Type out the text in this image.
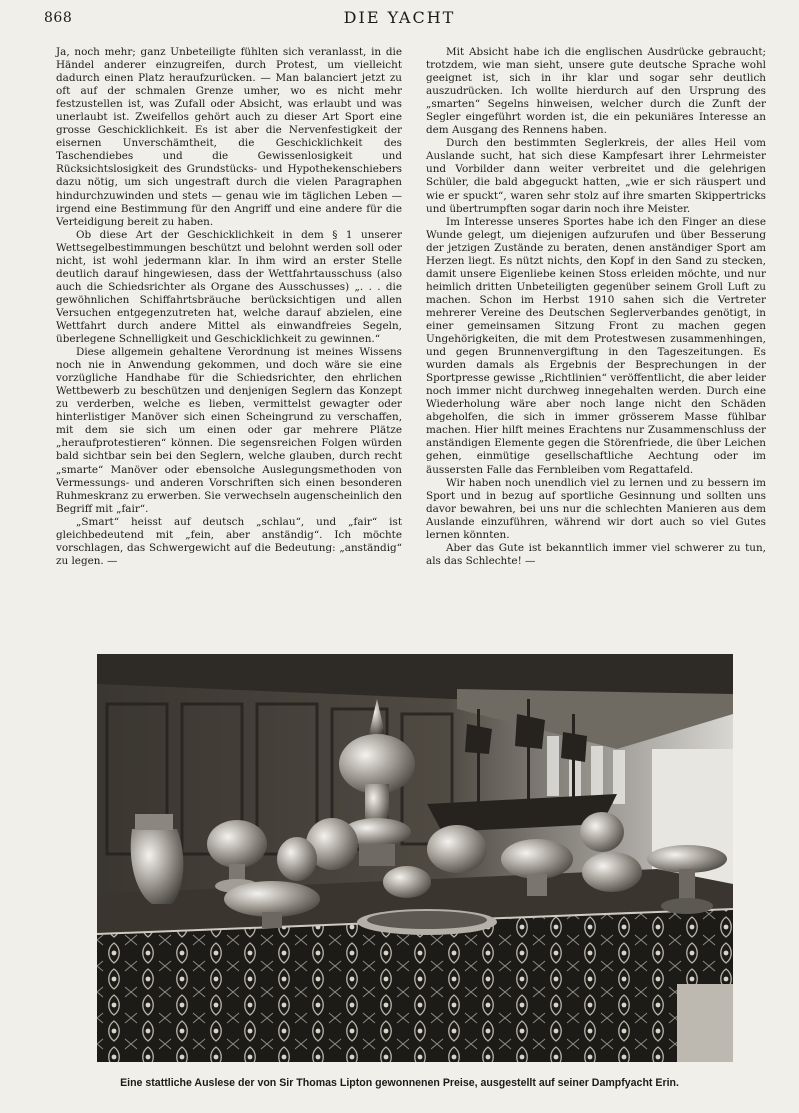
868	DIE YACHT

Ja, noch mehr; ganz Unbeteiligte fühlten sich veranlasst, in die Händel anderer einzugreifen, durch Protest, um vielleicht dadurch einen Platz heraufzurücken. — Man balanciert jetzt zu oft auf der schmalen Grenze umher, wo es nicht mehr festzustellen ist, was Zufall oder Absicht, was erlaubt und was unerlaubt ist. Zweifellos gehört auch zu dieser Art Sport eine grosse Geschicklichkeit. Es ist aber die Nervenfestigkeit der eisernen Unverschämtheit, die Geschicklichkeit des Taschendiebes und die Gewissenlosigkeit und Rücksichtslosigkeit des Grundstücks- und Hypothekenschiebers dazu nötig, um sich ungestraft durch die vielen Paragraphen hindurchzuwinden und stets — genau wie im täglichen Leben — irgend eine Bestimmung für den Angriff und eine andere für die Verteidigung bereit zu haben.

Ob diese Art der Geschicklichkeit in dem § 1 unserer Wettsegelbestimmungen beschützt und belohnt werden soll oder nicht, ist wohl jedermann klar. In ihm wird an erster Stelle deutlich darauf hingewiesen, dass der Wettfahrtausschuss (also auch die Schiedsrichter als Organe des Ausschusses) „. . . die gewöhnlichen Schiffahrtsbräuche berücksichtigen und allen Versuchen entgegenzutreten hat, welche darauf abzielen, eine Wettfahrt durch andere Mittel als einwandfreies Segeln, überlegene Schnelligkeit und Geschicklichkeit zu gewinnen.“

Diese allgemein gehaltene Verordnung ist meines Wissens noch nie in Anwendung gekommen, und doch wäre sie eine vorzügliche Handhabe für die Schiedsrichter, den ehrlichen Wettbewerb zu beschützen und denjenigen Seglern das Konzept zu verderben, welche es lieben, vermittelst gewagter oder hinterlistiger Manöver sich einen Scheingrund zu verschaffen, mit dem sie sich um einen oder gar mehrere Plätze „heraufprotestieren“ können. Die segensreichen Folgen würden bald sichtbar sein bei den Seglern, welche glauben, durch recht „smarte“ Manöver oder ebensolche Auslegungsmethoden von Vermessungs- und anderen Vorschriften sich einen besonderen Ruhmeskranz zu erwerben. Sie verwechseln augenscheinlich den Begriff mit „fair“.

„Smart“ heisst auf deutsch „schlau“, und „fair“ ist gleichbedeutend mit „fein, aber anständig“. Ich möchte vorschlagen, das Schwergewicht auf die Bedeutung: „anständig“ zu legen. —

Mit Absicht habe ich die englischen Ausdrücke gebraucht; trotzdem, wie man sieht, unsere gute deutsche Sprache wohl geeignet ist, sich in ihr klar und sogar sehr deutlich auszudrücken. Ich wollte hierdurch auf den Ursprung des „smarten“ Segelns hinweisen, welcher durch die Zunft der Segler eingeführt worden ist, die ein pekuniäres Interesse an dem Ausgang des Rennens haben.

Durch den bestimmten Seglerkreis, der alles Heil vom Auslande sucht, hat sich diese Kampfesart ihrer Lehrmeister und Vorbilder dann weiter verbreitet und die gelehrigen Schüler, die bald abgeguckt hatten, „wie er sich räuspert und wie er spuckt“, waren sehr stolz auf ihre smarten Skippertricks und übertrumpften sogar darin noch ihre Meister.

Im Interesse unseres Sportes habe ich den Finger an diese Wunde gelegt, um diejenigen aufzurufen und über Besserung der jetzigen Zustände zu beraten, denen anständiger Sport am Herzen liegt. Es nützt nichts, den Kopf in den Sand zu stecken, damit unsere Eigenliebe keinen Stoss erleiden möchte, und nur heimlich dritten Unbeteiligten gegenüber seinem Groll Luft zu machen. Schon im Herbst 1910 sahen sich die Vertreter mehrerer Vereine des Deutschen Seglerverbandes genötigt, in einer gemeinsamen Sitzung Front zu machen gegen Ungehörigkeiten, die mit dem Protestwesen zusammenhingen, und gegen Brunnenvergiftung in den Tageszeitungen. Es wurden damals als Ergebnis der Besprechungen in der Sportpresse gewisse „Richtlinien“ veröffentlicht, die aber leider noch immer nicht durchweg innegehalten werden. Durch eine Wiederholung wäre aber noch lange nicht den Schäden abgeholfen, die sich in immer grösserem Masse fühlbar machen. Hier hilft meines Erachtens nur Zusammenschluss der anständigen Elemente gegen die Störenfriede, die über Leichen gehen, einmütige gesellschaftliche Aechtung oder im äussersten Falle das Fernbleiben vom Regattafeld.

Wir haben noch unendlich viel zu lernen und zu bessern im Sport und in bezug auf sportliche Gesinnung und sollten uns davor bewahren, bei uns nur die schlechten Manieren aus dem Auslande einzuführen, während wir dort auch so viel Gutes lernen könnten.

Aber das Gute ist bekanntlich immer viel schwerer zu tun, als das Schlechte! —

Eine stattliche Auslese der von Sir Thomas Lipton gewonnenen Preise, ausgestellt auf seiner Dampfyacht Erin.
